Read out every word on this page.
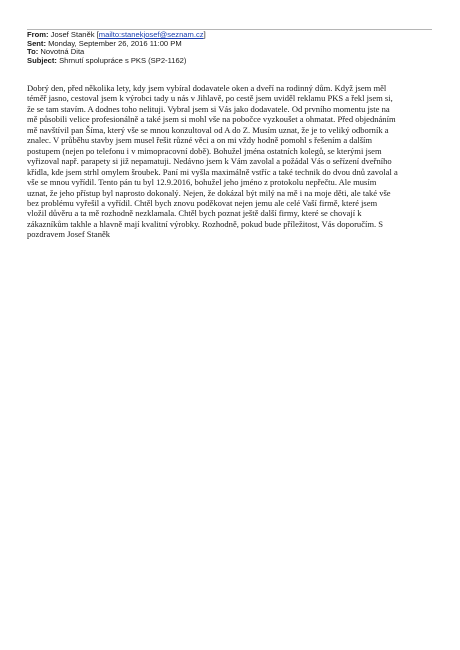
From: Josef Staněk [mailto:stanekjosef@seznam.cz]
Sent: Monday, September 26, 2016 11:00 PM
To: Novotná Dita
Subject: Shrnutí spolupráce s PKS (SP2-1162)
Dobrý den, před několika lety, kdy jsem vybíral dodavatele oken a dveří na rodinný dům. Když jsem měl
téměř jasno, cestoval jsem k výrobci tady u nás v Jihlavě, po cestě jsem uviděl reklamu PKS a řekl jsem si,
že se tam stavím. A dodnes toho nelituji. Vybral jsem si Vás jako dodavatele. Od prvního momentu jste na
mě působili velice profesionálně a také jsem si mohl vše na pobočce vyzkoušet a ohmatat. Před objednáním
mě navštívil pan Šíma, který vše se mnou konzultoval od A do Z. Musím uznat, že je to veliký odborník a
znalec. V průběhu stavby jsem musel řešit různé věci a on mi vždy hodně pomohl s řešením a dalším
postupem (nejen po telefonu i v mimopracovní době). Bohužel jména ostatních kolegů, se kterými jsem
vyřizoval např. parapety si již nepamatuji. Nedávno jsem k Vám zavolal a požádal Vás o seřízení dveřního
křídla, kde jsem strhl omylem šroubek. Paní mi vyšla maximálně vstříc a také technik do dvou dnů zavolal a
vše se mnou vyřídil. Tento pán tu byl 12.9.2016, bohužel jeho jméno z protokolu nepřečtu. Ale musím
uznat, že jeho přístup byl naprosto dokonalý. Nejen, že dokázal být milý na mě i na moje děti, ale také vše
bez problému vyřešil a vyřídil. Chtěl bych znovu poděkovat nejen jemu ale celé Vaší firmě, které jsem
vložil důvěru a ta mě rozhodně nezklamala. Chtěl bych poznat ještě další firmy, které se chovají k
zákazníkům takhle a hlavně mají kvalitní výrobky. Rozhodně, pokud bude příležitost, Vás doporučím. S
pozdravem Josef Staněk
